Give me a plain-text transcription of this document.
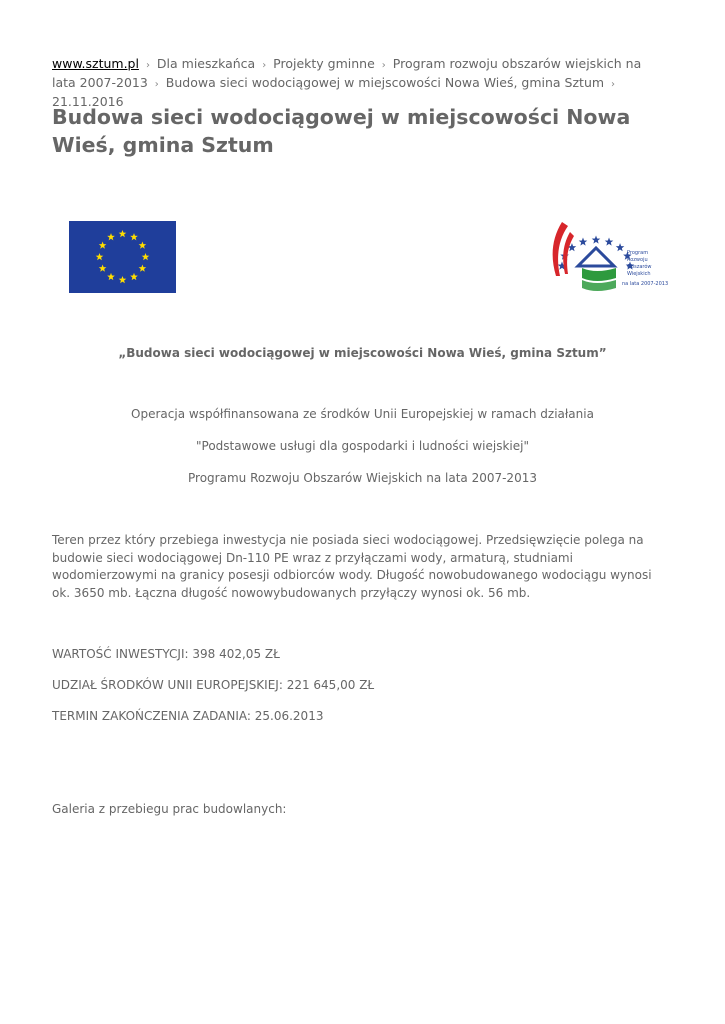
www.sztum.pl › Dla mieszkańca › Projekty gminne › Program rozwoju obszarów wiejskich na lata 2007-2013 › Budowa sieci wodociągowej w miejscowości Nowa Wieś, gmina Sztum › 21.11.2016
Budowa sieci wodociągowej w miejscowości Nowa Wieś, gmina Sztum
Program
Rozwoju
Obszarów
Wiejskich
na lata 2007-2013
„Budowa sieci wodociągowej w miejscowości Nowa Wieś, gmina Sztum”
Operacja współfinansowana ze środków Unii Europejskiej w ramach działania
"Podstawowe usługi dla gospodarki i ludności wiejskiej"
Programu Rozwoju Obszarów Wiejskich na lata 2007-2013

Teren przez który przebiega inwestycja nie posiada sieci wodociągowej. Przedsięwzięcie polega na budowie sieci wodociągowej Dn-110 PE wraz z przyłączami wody, armaturą, studniami wodomierzowymi na granicy posesji odbiorców wody. Długość nowobudowanego wodociągu wynosi ok. 3650 mb. Łączna długość nowowybudowanych przyłączy wynosi ok. 56 mb.

WARTOŚĆ INWESTYCJI: 398 402,05 ZŁ
UDZIAŁ ŚRODKÓW UNII EUROPEJSKIEJ: 221 645,00 ZŁ
TERMIN ZAKOŃCZENIA ZADANIA: 25.06.2013
Galeria z przebiegu prac budowlanych:
